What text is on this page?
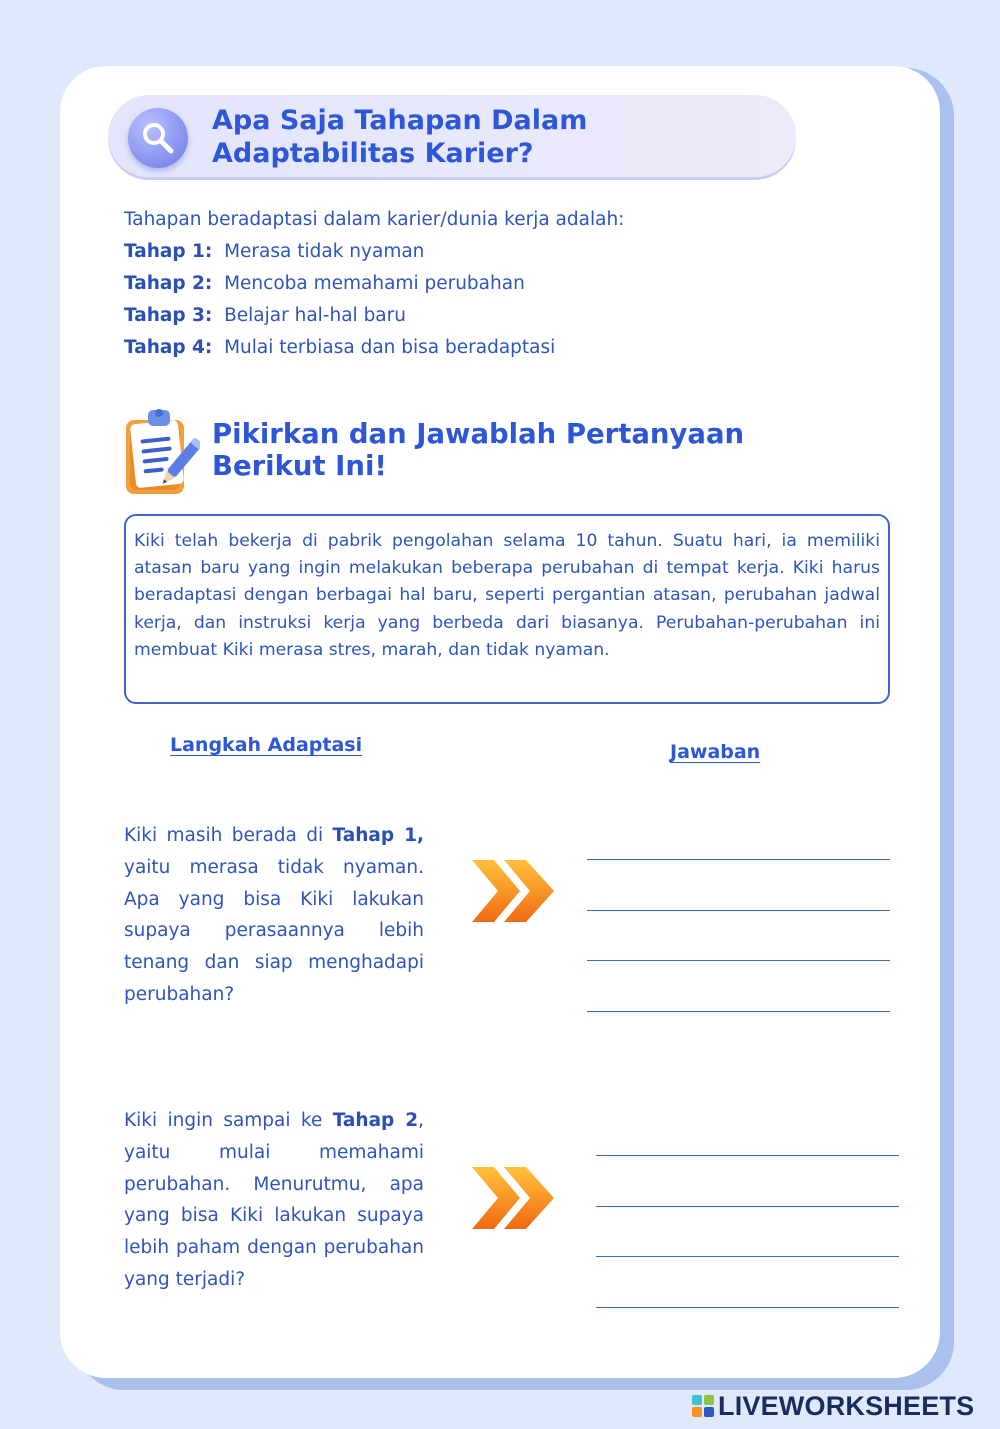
Apa Saja Tahapan Dalam

Adaptabilitas Karier?

Tahapan beradaptasi dalam karier/dunia kerja adalah:

Tahap 1: Merasa tidak nyaman

Tahap 2: Mencoba memahami perubahan

Tahap 3: Belajar hal-hal baru

Tahap 4: Mulai terbiasa dan bisa beradaptasi

Pikirkan dan Jawablah Pertanyaan

Berikut Ini!

Kiki telah bekerja di pabrik pengolahan selama 10 tahun. Suatu hari, ia memiliki atasan baru yang ingin melakukan beberapa perubahan di tempat kerja. Kiki harus beradaptasi dengan berbagai hal baru, seperti pergantian atasan, perubahan jadwal kerja, dan instruksi kerja yang berbeda dari biasanya. Perubahan-perubahan ini membuat Kiki merasa stres, marah, dan tidak nyaman.

Langkah Adaptasi	Jawaban

Kiki masih berada di Tahap 1, yaitu merasa tidak nyaman. Apa yang bisa Kiki lakukan supaya perasaannya lebih tenang dan siap menghadapi perubahan?

Kiki ingin sampai ke Tahap 2, yaitu mulai memahami perubahan. Menurutmu, apa yang bisa Kiki lakukan supaya lebih paham dengan perubahan yang terjadi?

LIVEWORKSHEETS
